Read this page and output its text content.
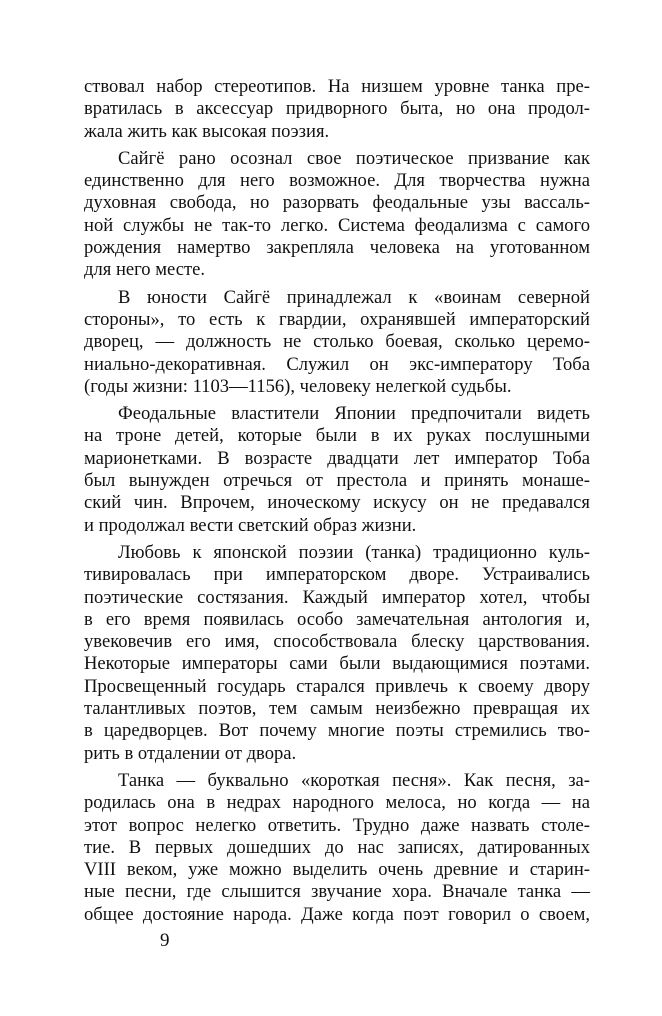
ствовал набор стереотипов. На низшем уровне танка пре-
вратилась в аксессуар придворного быта, но она продол-
жала жить как высокая поэзия.
Сайгё рано осознал свое поэтическое призвание как
единственно для него возможное. Для творчества нужна
духовная свобода, но разорвать феодальные узы вассаль-
ной службы не так-то легко. Система феодализма с самого
рождения намертво закрепляла человека на уготованном
для него месте.
В юности Сайгё принадлежал к «воинам северной
стороны», то есть к гвардии, охранявшей императорский
дворец, — должность не столько боевая, сколько церемо-
ниально-декоративная. Служил он экс-императору Тоба
(годы жизни: 1103—1156), человеку нелегкой судьбы.
Феодальные властители Японии предпочитали видеть
на троне детей, которые были в их руках послушными
марионетками. В возрасте двадцати лет император Тоба
был вынужден отречься от престола и принять монаше-
ский чин. Впрочем, иноческому искусу он не предавался
и продолжал вести светский образ жизни.
Любовь к японской поэзии (танка) традиционно куль-
тивировалась при императорском дворе. Устраивались
поэтические состязания. Каждый император хотел, чтобы
в его время появилась особо замечательная антология и,
увековечив его имя, способствовала блеску царствования.
Некоторые императоры сами были выдающимися поэтами.
Просвещенный государь старался привлечь к своему двору
талантливых поэтов, тем самым неизбежно превращая их
в царедворцев. Вот почему многие поэты стремились тво-
рить в отдалении от двора.
Танка — буквально «короткая песня». Как песня, за-
родилась она в недрах народного мелоса, но когда — на
этот вопрос нелегко ответить. Трудно даже назвать столе-
тие. В первых дошедших до нас записях, датированных
VIII веком, уже можно выделить очень древние и старин-
ные песни, где слышится звучание хора. Вначале танка —
общее достояние народа. Даже когда поэт говорил о своем,
9
